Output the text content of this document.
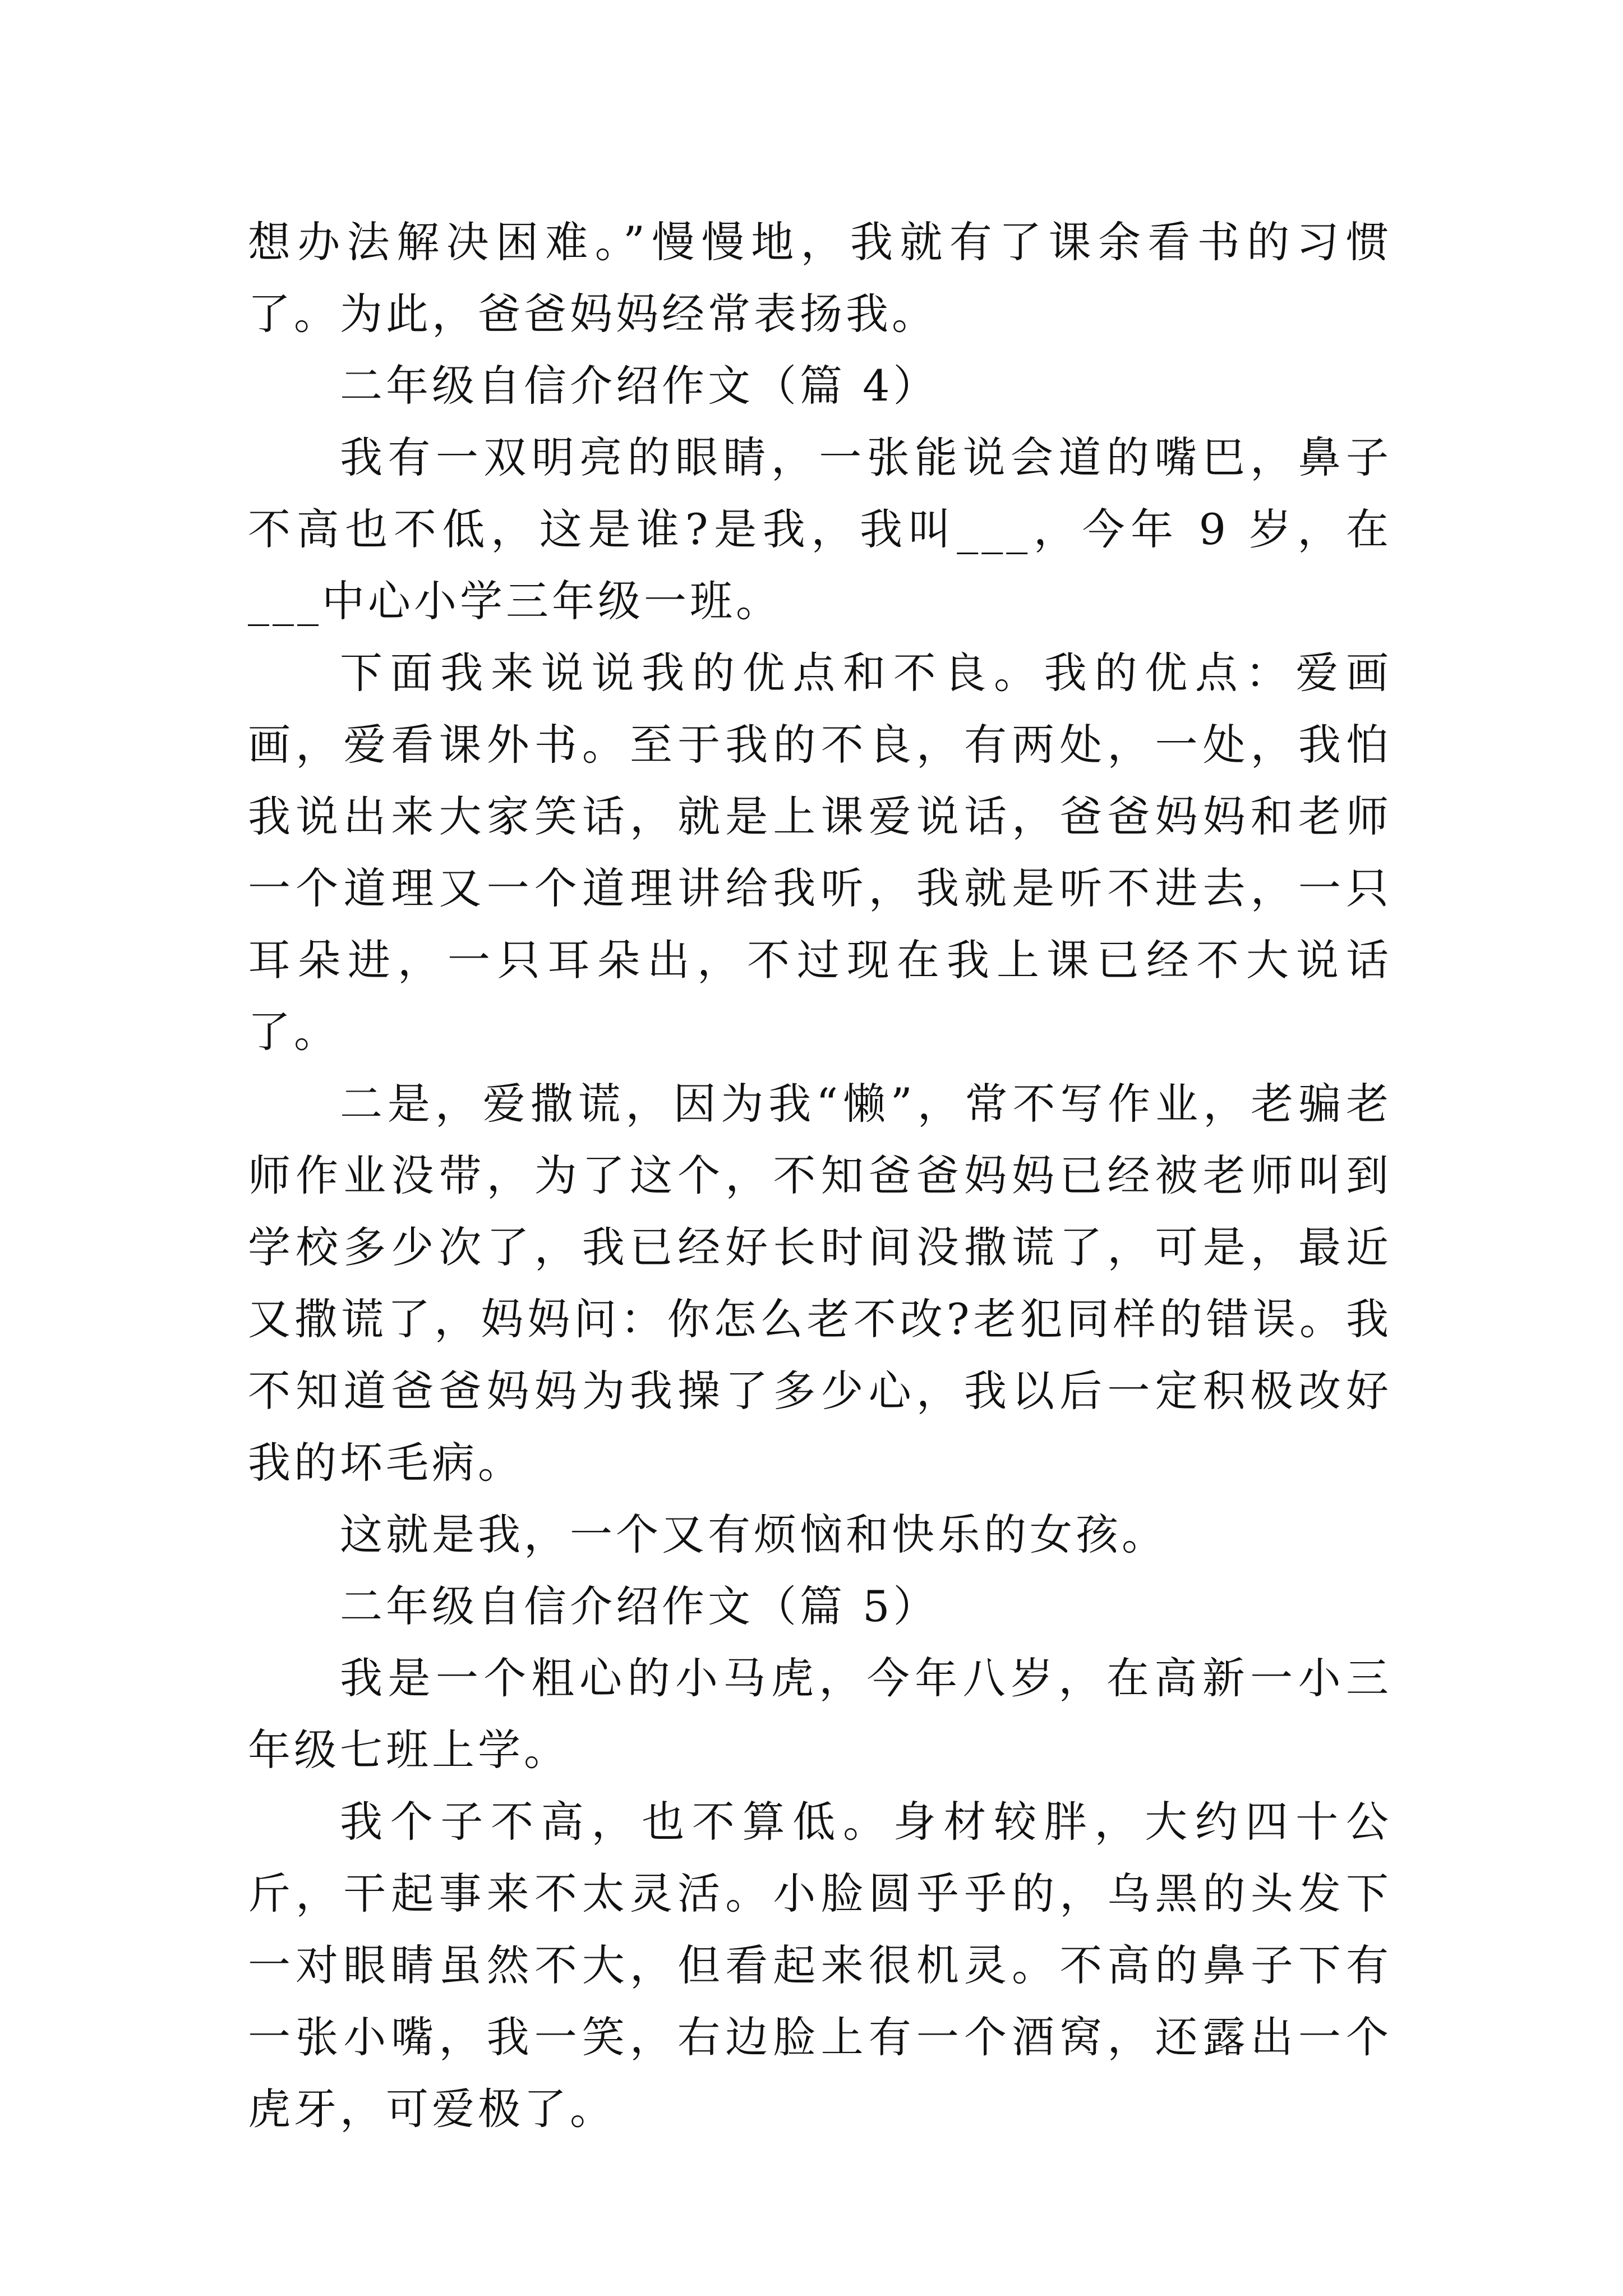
想办法解决困难。”慢慢地，我就有了课余看书的习惯了。为此，爸爸妈妈经常表扬我。

二年级自信介绍作文（篇 4）

我有一双明亮的眼睛，一张能说会道的嘴巴，鼻子不高也不低，这是谁?是我，我叫___，今年 9 岁，在___中心小学三年级一班。

下面我来说说我的优点和不良。我的优点：爱画画，爱看课外书。至于我的不良，有两处，一处，我怕我说出来大家笑话，就是上课爱说话，爸爸妈妈和老师一个道理又一个道理讲给我听，我就是听不进去，一只耳朵进，一只耳朵出，不过现在我上课已经不大说话了。

二是，爱撒谎，因为我“懒”，常不写作业，老骗老师作业没带，为了这个，不知爸爸妈妈已经被老师叫到学校多少次了，我已经好长时间没撒谎了，可是，最近又撒谎了，妈妈问：你怎么老不改?老犯同样的错误。我不知道爸爸妈妈为我操了多少心，我以后一定积极改好我的坏毛病。

这就是我，一个又有烦恼和快乐的女孩。

二年级自信介绍作文（篇 5）

我是一个粗心的小马虎，今年八岁，在高新一小三年级七班上学。

我个子不高，也不算低。身材较胖，大约四十公斤，干起事来不太灵活。小脸圆乎乎的，乌黑的头发下一对眼睛虽然不大，但看起来很机灵。不高的鼻子下有一张小嘴，我一笑，右边脸上有一个酒窝，还露出一个虎牙，可爱极了。
